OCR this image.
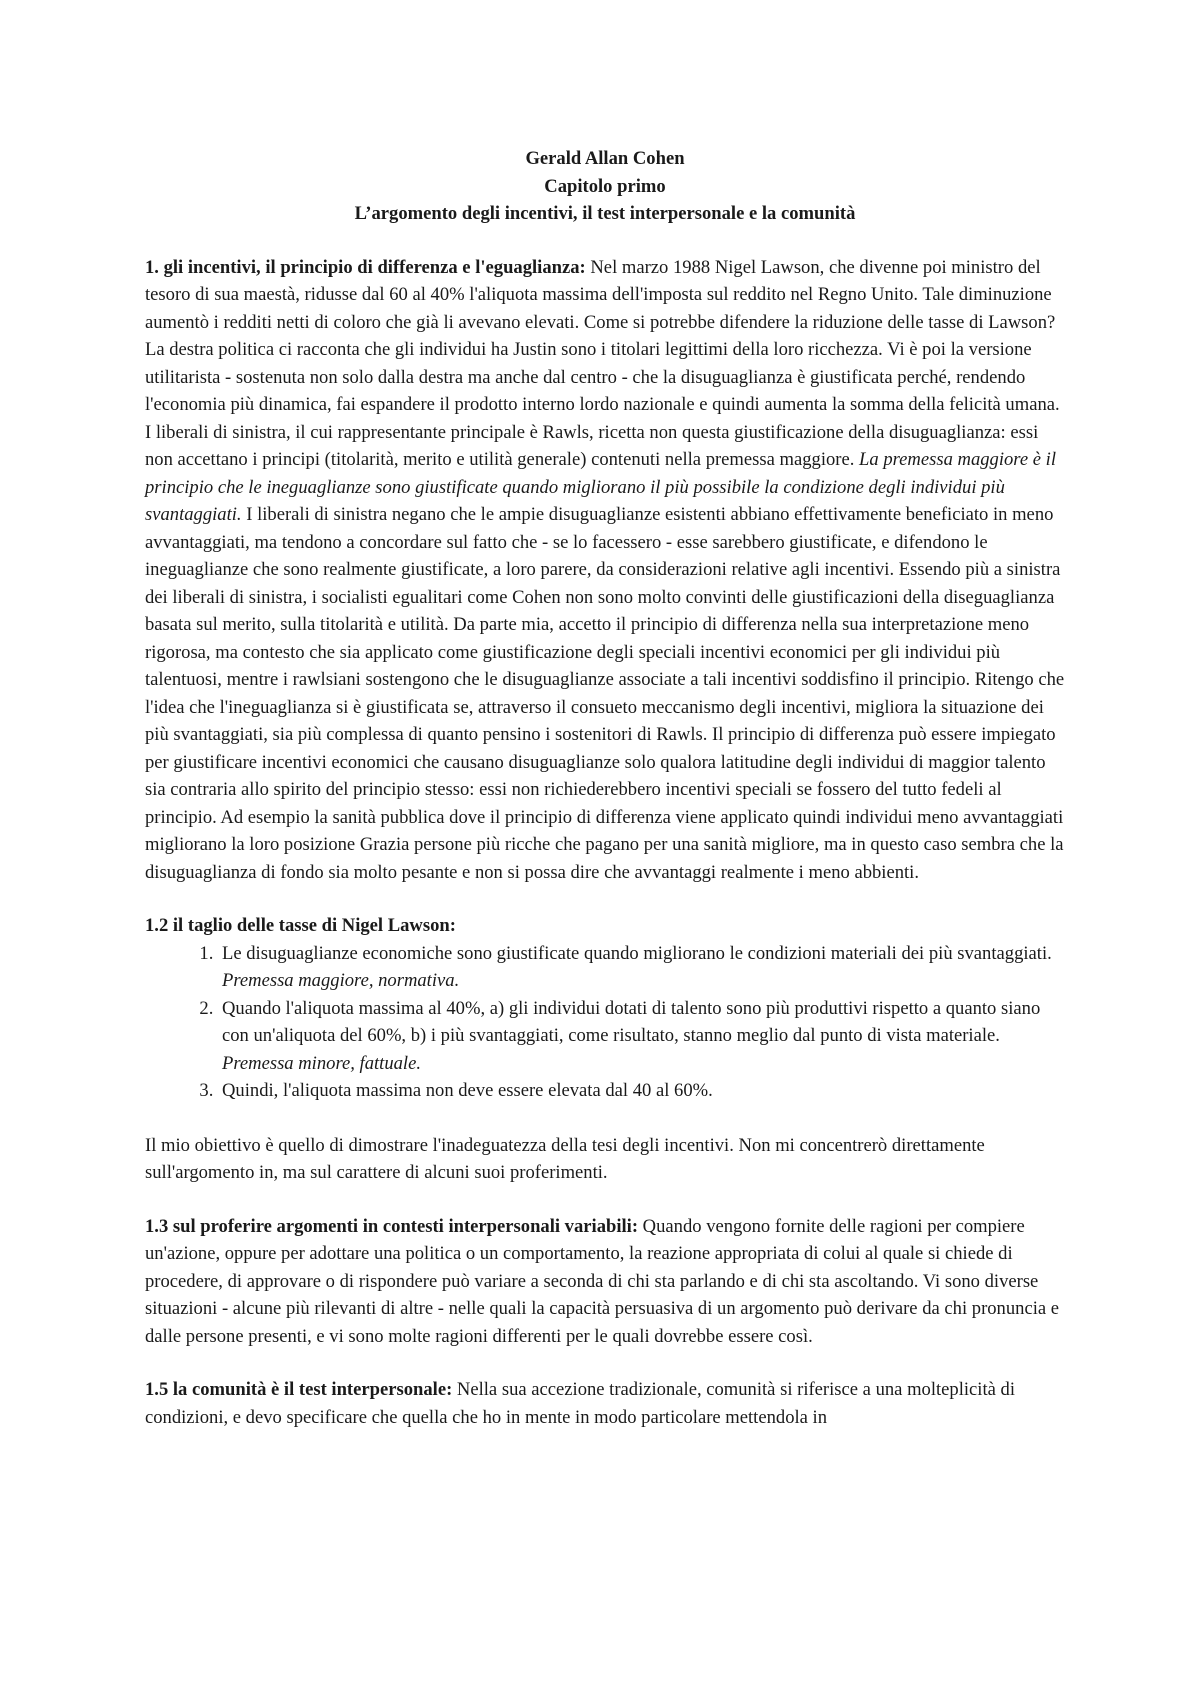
Gerald Allan Cohen
Capitolo primo
L’argomento degli incentivi, il test interpersonale e la comunità

1. gli incentivi, il principio di differenza e l'eguaglianza: Nel marzo 1988 Nigel Lawson, che divenne poi ministro del tesoro di sua maestà, ridusse dal 60 al 40% l'aliquota massima dell'imposta sul reddito nel Regno Unito. Tale diminuzione aumentò i redditi netti di coloro che già li avevano elevati. Come si potrebbe difendere la riduzione delle tasse di Lawson? La destra politica ci racconta che gli individui ha Justin sono i titolari legittimi della loro ricchezza. Vi è poi la versione utilitarista - sostenuta non solo dalla destra ma anche dal centro - che la disuguaglianza è giustificata perché, rendendo l'economia più dinamica, fai espandere il prodotto interno lordo nazionale e quindi aumenta la somma della felicità umana. I liberali di sinistra, il cui rappresentante principale è Rawls, ricetta non questa giustificazione della disuguaglianza: essi non accettano i principi (titolarità, merito e utilità generale) contenuti nella premessa maggiore. La premessa maggiore è il principio che le ineguaglianze sono giustificate quando migliorano il più possibile la condizione degli individui più svantaggiati. I liberali di sinistra negano che le ampie disuguaglianze esistenti abbiano effettivamente beneficiato in meno avvantaggiati, ma tendono a concordare sul fatto che - se lo facessero - esse sarebbero giustificate, e difendono le ineguaglianze che sono realmente giustificate, a loro parere, da considerazioni relative agli incentivi. Essendo più a sinistra dei liberali di sinistra, i socialisti egualitari come Cohen non sono molto convinti delle giustificazioni della diseguaglianza basata sul merito, sulla titolarità e utilità. Da parte mia, accetto il principio di differenza nella sua interpretazione meno rigorosa, ma contesto che sia applicato come giustificazione degli speciali incentivi economici per gli individui più talentuosi, mentre i rawlsiani sostengono che le disuguaglianze associate a tali incentivi soddisfino il principio. Ritengo che l'idea che l'ineguaglianza si è giustificata se, attraverso il consueto meccanismo degli incentivi, migliora la situazione dei più svantaggiati, sia più complessa di quanto pensino i sostenitori di Rawls. Il principio di differenza può essere impiegato per giustificare incentivi economici che causano disuguaglianze solo qualora latitudine degli individui di maggior talento sia contraria allo spirito del principio stesso: essi non richiederebbero incentivi speciali se fossero del tutto fedeli al principio. Ad esempio la sanità pubblica dove il principio di differenza viene applicato quindi individui meno avvantaggiati migliorano la loro posizione Grazia persone più ricche che pagano per una sanità migliore, ma in questo caso sembra che la disuguaglianza di fondo sia molto pesante e non si possa dire che avvantaggi realmente i meno abbienti.

1.2 il taglio delle tasse di Nigel Lawson:

1. Le disuguaglianze economiche sono giustificate quando migliorano le condizioni materiali dei più svantaggiati. Premessa maggiore, normativa.
2. Quando l'aliquota massima al 40%, a) gli individui dotati di talento sono più produttivi rispetto a quanto siano con un'aliquota del 60%, b) i più svantaggiati, come risultato, stanno meglio dal punto di vista materiale. Premessa minore, fattuale.
3. Quindi, l'aliquota massima non deve essere elevata dal 40 al 60%.

Il mio obiettivo è quello di dimostrare l'inadeguatezza della tesi degli incentivi. Non mi concentrerò direttamente sull'argomento in, ma sul carattere di alcuni suoi proferimenti.

1.3 sul proferire argomenti in contesti interpersonali variabili: Quando vengono fornite delle ragioni per compiere un'azione, oppure per adottare una politica o un comportamento, la reazione appropriata di colui al quale si chiede di procedere, di approvare o di rispondere può variare a seconda di chi sta parlando e di chi sta ascoltando. Vi sono diverse situazioni - alcune più rilevanti di altre - nelle quali la capacità persuasiva di un argomento può derivare da chi pronuncia e dalle persone presenti, e vi sono molte ragioni differenti per le quali dovrebbe essere così.

1.5 la comunità è il test interpersonale: Nella sua accezione tradizionale, comunità si riferisce a una molteplicità di condizioni, e devo specificare che quella che ho in mente in modo particolare mettendola in
